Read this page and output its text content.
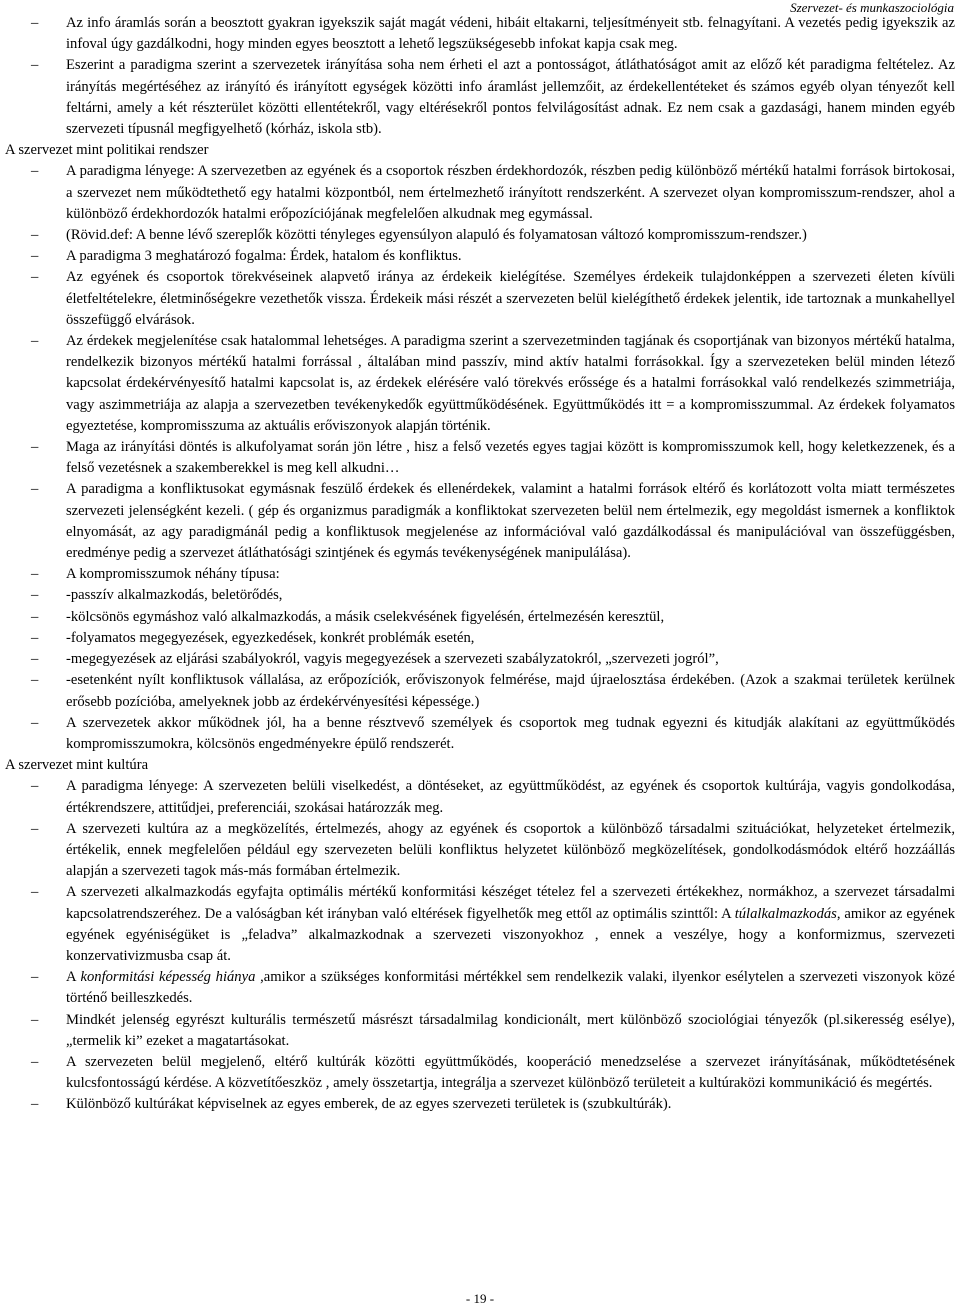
Szervezet- és munkaszociológia
– Az info áramlás során a beosztott gyakran igyekszik saját magát védeni, hibáit eltakarni, teljesítményeit stb. felnagyítani. A vezetés pedig igyekszik az infoval úgy gazdálkodni, hogy minden egyes beosztott a lehető legszükségesebb infokat kapja csak meg.
– Eszerint a paradigma szerint a szervezetek irányítása soha nem érheti el azt a pontosságot, átláthatóságot amit az előző két paradigma feltételez. Az irányítás megértéséhez az irányító és irányított egységek közötti info áramlást jellemzőit, az érdekellentéteket és számos egyéb olyan tényezőt kell feltárni, amely a két részterület közötti ellentétekről, vagy eltérésekről pontos felvilágosítást adnak. Ez nem csak a gazdasági, hanem minden egyéb szervezeti típusnál megfigyelhető (kórház, iskola stb).
A szervezet mint politikai rendszer
– A paradigma lényege: A szervezetben az egyének és a csoportok részben érdekhordozók, részben pedig különböző mértékű hatalmi források birtokosai, a szervezet nem működtethető egy hatalmi központból, nem értelmezhető irányított rendszerként. A szervezet olyan kompromisszum-rendszer, ahol a különböző érdekhordozók hatalmi erőpozíciójának megfelelően alkudnak meg egymással.
– (Rövid.def: A benne lévő szereplők közötti tényleges egyensúlyon alapuló és folyamatosan változó kompromisszum-rendszer.)
– A paradigma 3 meghatározó fogalma: Érdek, hatalom és konfliktus.
– Az egyének és csoportok törekvéseinek alapvető iránya az érdekeik kielégítése. Személyes érdekeik tulajdonképpen a szervezeti életen kívüli életfeltételekre, életminőségekre vezethetők vissza. Érdekeik mási részét a szervezeten belül kielégíthető érdekek jelentik, ide tartoznak a munkahellyel összefüggő elvárások.
– Az érdekek megjelenítése csak hatalommal lehetséges. A paradigma szerint a szervezetminden tagjának és csoportjának van bizonyos mértékű hatalma, rendelkezik bizonyos mértékű hatalmi forrással , általában mind passzív, mind aktív hatalmi forrásokkal. Így a szervezeteken belül minden létező kapcsolat érdekérvényesítő hatalmi kapcsolat is, az érdekek elérésére való törekvés erőssége és a hatalmi forrásokkal való rendelkezés szimmetriája, vagy aszimmetriája az alapja a szervezetben tevékenykedők együttműködésének. Együttműködés itt = a kompromisszummal. Az érdekek folyamatos egyeztetése, kompromisszuma az aktuális erőviszonyok alapján történik.
– Maga az irányítási döntés is alkufolyamat során jön létre , hisz a felső vezetés egyes tagjai között is kompromisszumok kell, hogy keletkezzenek, és a felső vezetésnek a szakemberekkel is meg kell alkudni…
– A paradigma a konfliktusokat egymásnak feszülő érdekek és ellenérdekek, valamint a hatalmi források eltérő és korlátozott volta miatt természetes szervezeti jelenségként kezeli. ( gép és organizmus paradigmák a konfliktokat szervezeten belül nem értelmezik, egy megoldást ismernek a konfliktok elnyomását, az agy paradigmánál pedig a konfliktusok megjelenése az információval való gazdálkodással és manipulációval van összefüggésben, eredménye pedig a szervezet átláthatósági szintjének és egymás tevékenységének manipulálása).
– A kompromisszumok néhány típusa:
– -passzív alkalmazkodás, beletörődés,
– -kölcsönös egymáshoz való alkalmazkodás, a másik cselekvésének figyelésén, értelmezésén keresztül,
– -folyamatos megegyezések, egyezkedések, konkrét problémák esetén,
– -megegyezések az eljárási szabályokról, vagyis megegyezések a szervezeti szabályzatokról, „szervezeti jogról”,
– -esetenként nyílt konfliktusok vállalása, az erőpozíciók, erőviszonyok felmérése, majd újraelosztása érdekében. (Azok a szakmai területek kerülnek erősebb pozícióba, amelyeknek jobb az érdekérvényesítési képessége.)
– A szervezetek akkor működnek jól, ha a benne résztvevő személyek és csoportok meg tudnak egyezni és kitudják alakítani az együttműködés kompromisszumokra, kölcsönös engedményekre épülő rendszerét.
A szervezet mint kultúra
– A paradigma lényege: A szervezeten belüli viselkedést, a döntéseket, az együttműködést, az egyének és csoportok kultúrája, vagyis gondolkodása, értékrendszere, attitűdjei, preferenciái, szokásai határozzák meg.
– A szervezeti kultúra az a megközelítés, értelmezés, ahogy az egyének és csoportok a különböző társadalmi szituációkat, helyzeteket értelmezik, értékelik, ennek megfelelően például egy szervezeten belüli konfliktus helyzetet különböző megközelítések, gondolkodásmódok eltérő hozzáállás alapján a szervezeti tagok más-más formában értelmezik.
– A szervezeti alkalmazkodás egyfajta optimális mértékű konformitási készéget tételez fel a szervezeti értékekhez, normákhoz, a szervezet társadalmi kapcsolatrendszeréhez. De a valóságban két irányban való eltérések figyelhetők meg ettől az optimális szinttől: A túlalkalmazkodás, amikor az egyének egyének egyéniségüket is „feladva” alkalmazkodnak a szervezeti viszonyokhoz , ennek a veszélye, hogy a konformizmus, szervezeti konzervativizmusba csap át.
– A konformitási képesség hiánya ,amikor a szükséges konformitási mértékkel sem rendelkezik valaki, ilyenkor esélytelen a szervezeti viszonyok közé történő beilleszkedés.
– Mindkét jelenség egyrészt kulturális természetű másrészt társadalmilag kondicionált, mert különböző szociológiai tényezők (pl.sikeresség esélye), „termelik ki” ezeket a magatartásokat.
– A szervezeten belül megjelenő, eltérő kultúrák közötti együttműködés, kooperáció menedzselése a szervezet irányításának, működtetésének kulcsfontosságú kérdése. A közvetítőeszköz , amely összetartja, integrálja a szervezet különböző területeit a kultúraközi kommunikáció és megértés.
– Különböző kultúrákat képviselnek az egyes emberek, de az egyes szervezeti területek is (szubkultúrák).
- 19 -
